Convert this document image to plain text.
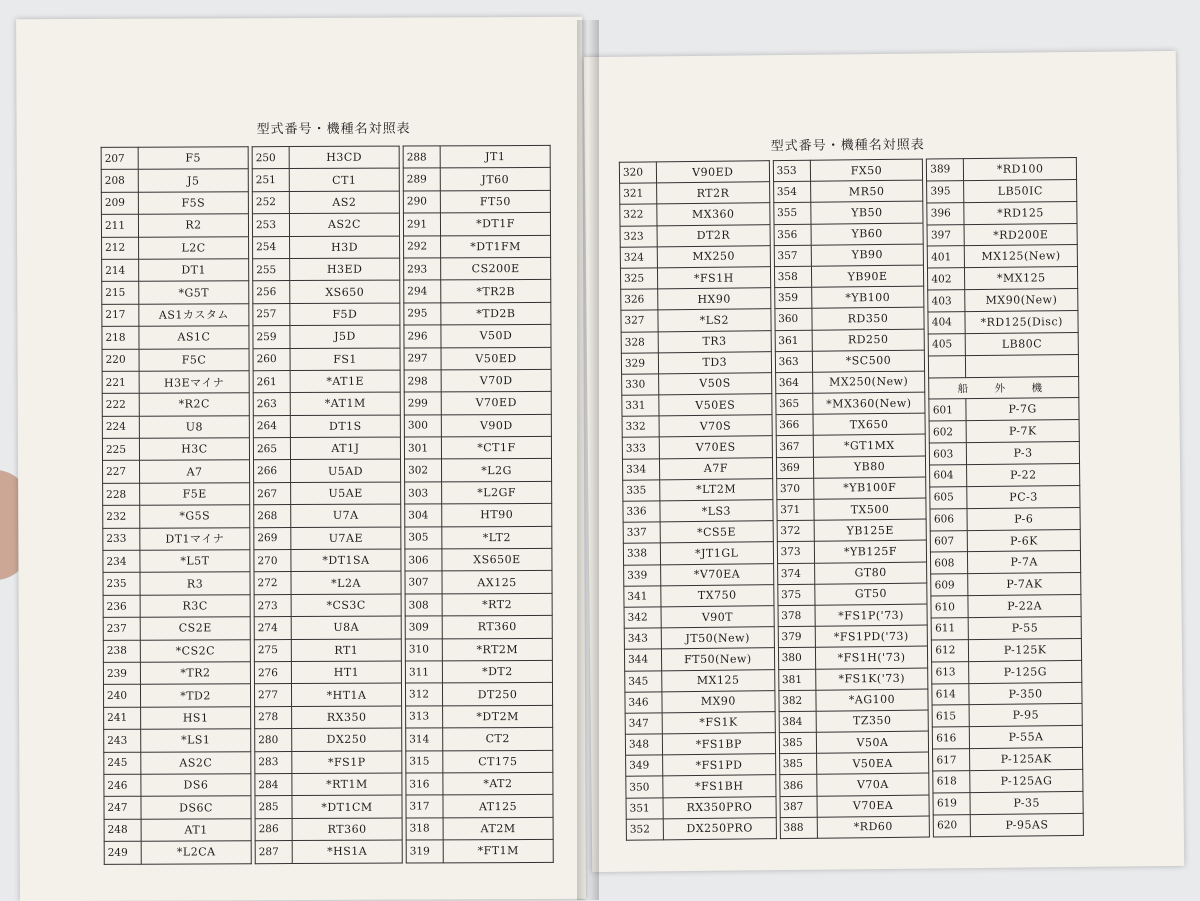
型式番号・機種名対照表
207	F5
208	J5
209	F5S
211	R2
212	L2C
214	DT1
215	*G5T
217	AS1カスタム
218	AS1C
220	F5C
221	H3Eマイナ
222	*R2C
224	U8
225	H3C
227	A7
228	F5E
232	*G5S
233	DT1マイナ
234	*L5T
235	R3
236	R3C
237	CS2E
238	*CS2C
239	*TR2
240	*TD2
241	HS1
243	*LS1
245	AS2C
246	DS6
247	DS6C
248	AT1
249	*L2CA
250	H3CD
251	CT1
252	AS2
253	AS2C
254	H3D
255	H3ED
256	XS650
257	F5D
259	J5D
260	FS1
261	*AT1E
263	*AT1M
264	DT1S
265	AT1J
266	U5AD
267	U5AE
268	U7A
269	U7AE
270	*DT1SA
272	*L2A
273	*CS3C
274	U8A
275	RT1
276	HT1
277	*HT1A
278	RX350
280	DX250
283	*FS1P
284	*RT1M
285	*DT1CM
286	RT360
287	*HS1A
288	JT1
289	JT60
290	FT50
291	*DT1F
292	*DT1FM
293	CS200E
294	*TR2B
295	*TD2B
296	V50D
297	V50ED
298	V70D
299	V70ED
300	V90D
301	*CT1F
302	*L2G
303	*L2GF
304	HT90
305	*LT2
306	XS650E
307	AX125
308	*RT2
309	RT360
310	*RT2M
311	*DT2
312	DT250
313	*DT2M
314	CT2
315	CT175
316	*AT2
317	AT125
318	AT2M
319	*FT1M
型式番号・機種名対照表
320	V90ED
321	RT2R
322	MX360
323	DT2R
324	MX250
325	*FS1H
326	HX90
327	*LS2
328	TR3
329	TD3
330	V50S
331	V50ES
332	V70S
333	V70ES
334	A7F
335	*LT2M
336	*LS3
337	*CS5E
338	*JT1GL
339	*V70EA
341	TX750
342	V90T
343	JT50(New)
344	FT50(New)
345	MX125
346	MX90
347	*FS1K
348	*FS1BP
349	*FS1PD
350	*FS1BH
351	RX350PRO
352	DX250PRO
353	FX50
354	MR50
355	YB50
356	YB60
357	YB90
358	YB90E
359	*YB100
360	RD350
361	RD250
363	*SC500
364	MX250(New)
365	*MX360(New)
366	TX650
367	*GT1MX
369	YB80
370	*YB100F
371	TX500
372	YB125E
373	*YB125F
374	GT80
375	GT50
378	*FS1P('73)
379	*FS1PD('73)
380	*FS1H('73)
381	*FS1K('73)
382	*AG100
384	TZ350
385	V50A
385	V50EA
386	V70A
387	V70EA
388	*RD60
389	*RD100
395	LB50IC
396	*RD125
397	*RD200E
401	MX125(New)
402	*MX125
403	MX90(New)
404	*RD125(Disc)
405	LB80C

船　外　機	
601	P-7G
602	P-7K
603	P-3
604	P-22
605	PC-3
606	P-6
607	P-6K
608	P-7A
609	P-7AK
610	P-22A
611	P-55
612	P-125K
613	P-125G
614	P-350
615	P-95
616	P-55A
617	P-125AK
618	P-125AG
619	P-35
620	P-95AS
